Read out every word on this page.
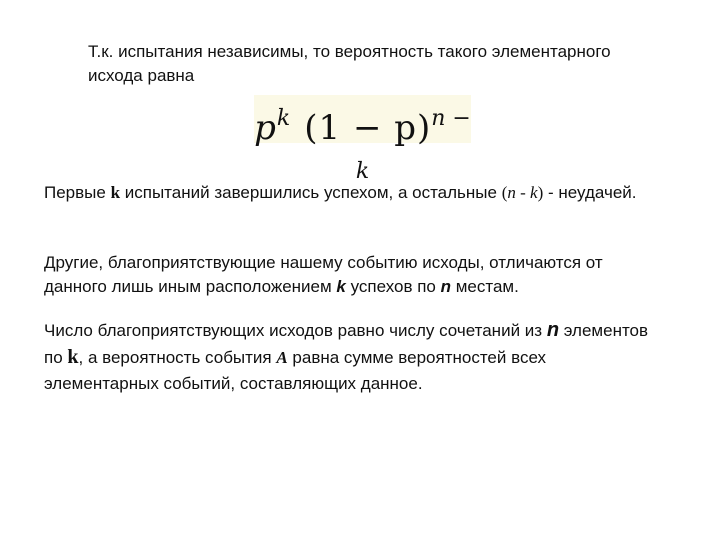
Т.к. испытания независимы, то вероятность такого элементарного
исхода равна
$p^k$ $(1 - p)^{n - k}$
Первые k испытаний завершились успехом, а остальные (n - k) - неудачей.
Другие, благоприятствующие нашему событию исходы, отличаются от
данного лишь иным расположением k успехов по n местам.
Число благоприятствующих исходов равно числу сочетаний из n элементов
по k, а вероятность события A равна сумме вероятностей всех
элементарных событий, составляющих данное.
